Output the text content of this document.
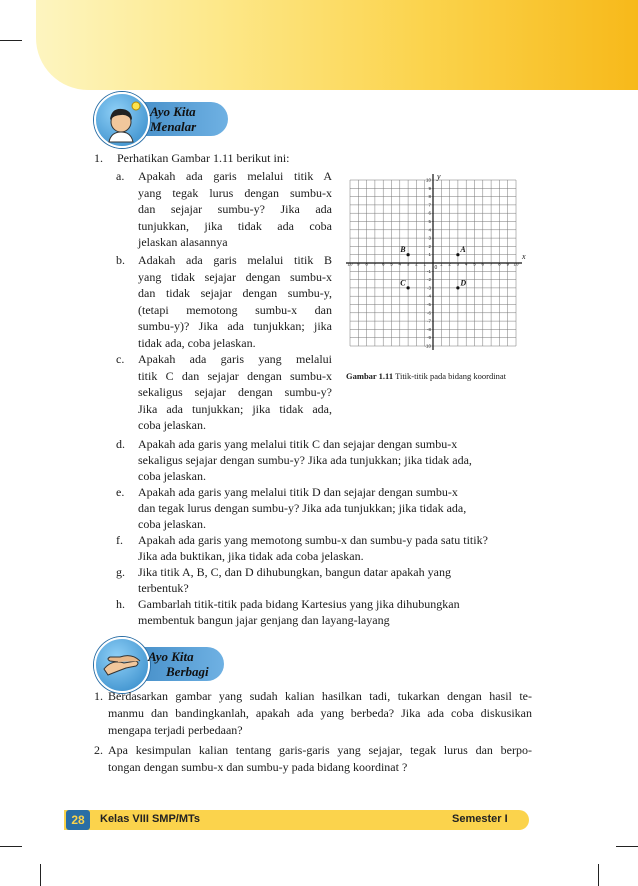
Ayo Kita
Menalar
1. Perhatikan Gambar 1.11 berikut ini:
a. Apakah ada garis melalui titik A
yang tegak lurus dengan sumbu-x
dan sejajar sumbu-y? Jika ada
tunjukkan, jika tidak ada coba
jelaskan alasannya
b. Adakah ada garis melalui titik B
yang tidak sejajar dengan sumbu-x
dan tidak sejajar dengan sumbu-y,
(tetapi memotong sumbu-x dan
sumbu-y)? Jika ada tunjukkan; jika
tidak ada, coba jelaskan.
c. Apakah ada garis yang melalui
titik C dan sejajar dengan sumbu-x
sekaligus sejajar dengan sumbu-y?
Jika ada tunjukkan; jika tidak ada,
coba jelaskan.
d. Apakah ada garis yang melalui titik C dan sejajar dengan sumbu-x
sekaligus sejajar dengan sumbu-y? Jika ada tunjukkan; jika tidak ada,
coba jelaskan.
e. Apakah ada garis yang melalui titik D dan sejajar dengan sumbu-x
dan tegak lurus dengan sumbu-y? Jika ada tunjukkan; jika tidak ada,
coba jelaskan.
f. Apakah ada garis yang memotong sumbu-x dan sumbu-y pada satu titik?
Jika ada buktikan, jika tidak ada coba jelaskan.
g. Jika titik A, B, C, dan D dihubungkan, bangun datar apakah yang
terbentuk?
h. Gambarlah titik-titik pada bidang Kartesius yang jika dihubungkan
membentuk bangun jajar genjang dan layang-layang
10 9 8 7 6 5 4 3 2 1	1 2 3 4 5 6 7 8 9 10
-10
-9
-8
-7
-6
-5
-4
-3
-2
-1
1
2
3
4
5
6
7
8
9
10
0
x
y
A
B
C	D
Gambar 1.11 Titik-titik pada bidang koordinat
Ayo Kita
Berbagi
1. Berdasarkan gambar yang sudah kalian hasilkan tadi, tukarkan dengan hasil te-
manmu dan bandingkanlah, apakah ada yang berbeda? Jika ada coba diskusikan
mengapa terjadi perbedaan?
2. Apa kesimpulan kalian tentang garis-garis yang sejajar, tegak lurus dan berpo-
tongan dengan sumbu-x dan sumbu-y pada bidang koordinat ?
28	Kelas VIII SMP/MTs	Semester I
